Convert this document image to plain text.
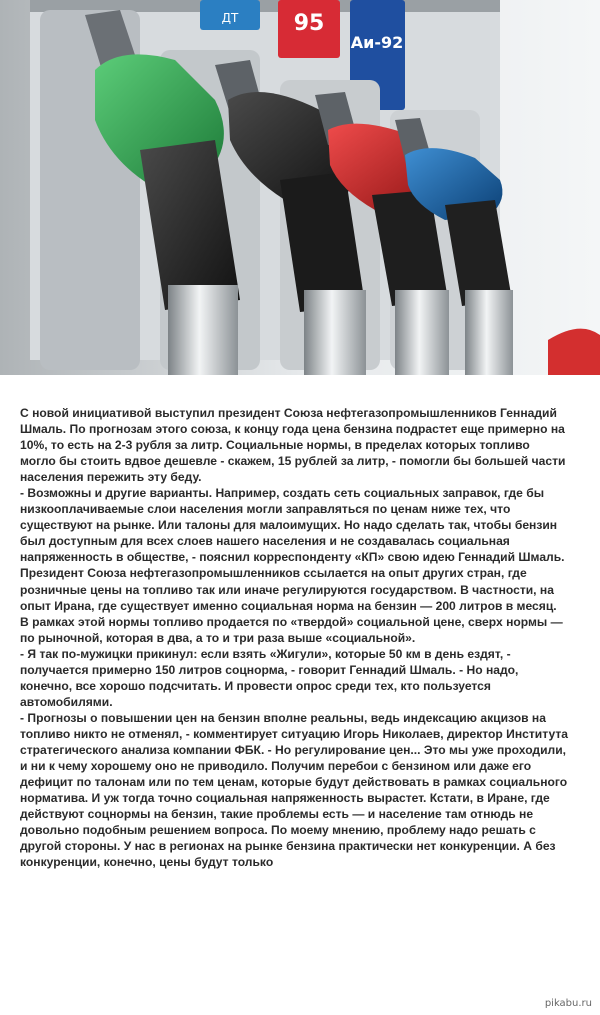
ДТ	95
Аи-92

С новой инициативой выступил президент Союза нефтегазопромышленников Геннадий Шмаль. По прогнозам этого союза, к концу года цена бензина подрастет еще примерно на 10%, то есть на 2-3 рубля за литр. Социальные нормы, в пределах которых топливо могло бы стоить вдвое дешевле - скажем, 15 рублей за литр, - помогли бы большей части населения пережить эту беду.

- Возможны и другие варианты. Например, создать сеть социальных заправок, где бы низкооплачиваемые слои населения могли заправляться по ценам ниже тех, что существуют на рынке. Или талоны для малоимущих. Но надо сделать так, чтобы бензин был доступным для всех слоев нашего населения и не создавалась социальная напряженность в обществе, - пояснил корреспонденту «КП» свою идею Геннадий Шмаль.

Президент Союза нефтегазопромышленников ссылается на опыт других стран, где розничные цены на топливо так или иначе регулируются государством. В частности, на опыт Ирана, где существует именно социальная норма на бензин — 200 литров в месяц. В рамках этой нормы топливо продается по «твердой» социальной цене, сверх нормы — по рыночной, которая в два, а то и три раза выше «социальной».

- Я так по-мужицки прикинул: если взять «Жигули», которые 50 км в день ездят, - получается примерно 150 литров соцнорма, - говорит Геннадий Шмаль. - Но надо, конечно, все хорошо подсчитать. И провести опрос среди тех, кто пользуется автомобилями.

- Прогнозы о повышении цен на бензин вполне реальны, ведь индексацию акцизов на топливо никто не отменял, - комментирует ситуацию Игорь Николаев, директор Института стратегического анализа компании ФБК. - Но регулирование цен... Это мы уже проходили, и ни к чему хорошему оно не приводило. Получим перебои с бензином или даже его дефицит по талонам или по тем ценам, которые будут действовать в рамках социального норматива. И уж тогда точно социальная напряженность вырастет. Кстати, в Иране, где действуют соцнормы на бензин, такие проблемы есть — и население там отнюдь не довольно подобным решением вопроса. По моему мнению, проблему надо решать с другой стороны. У нас в регионах на рынке бензина практически нет конкуренции. А без конкуренции, конечно, цены будут только

pikabu.ru
